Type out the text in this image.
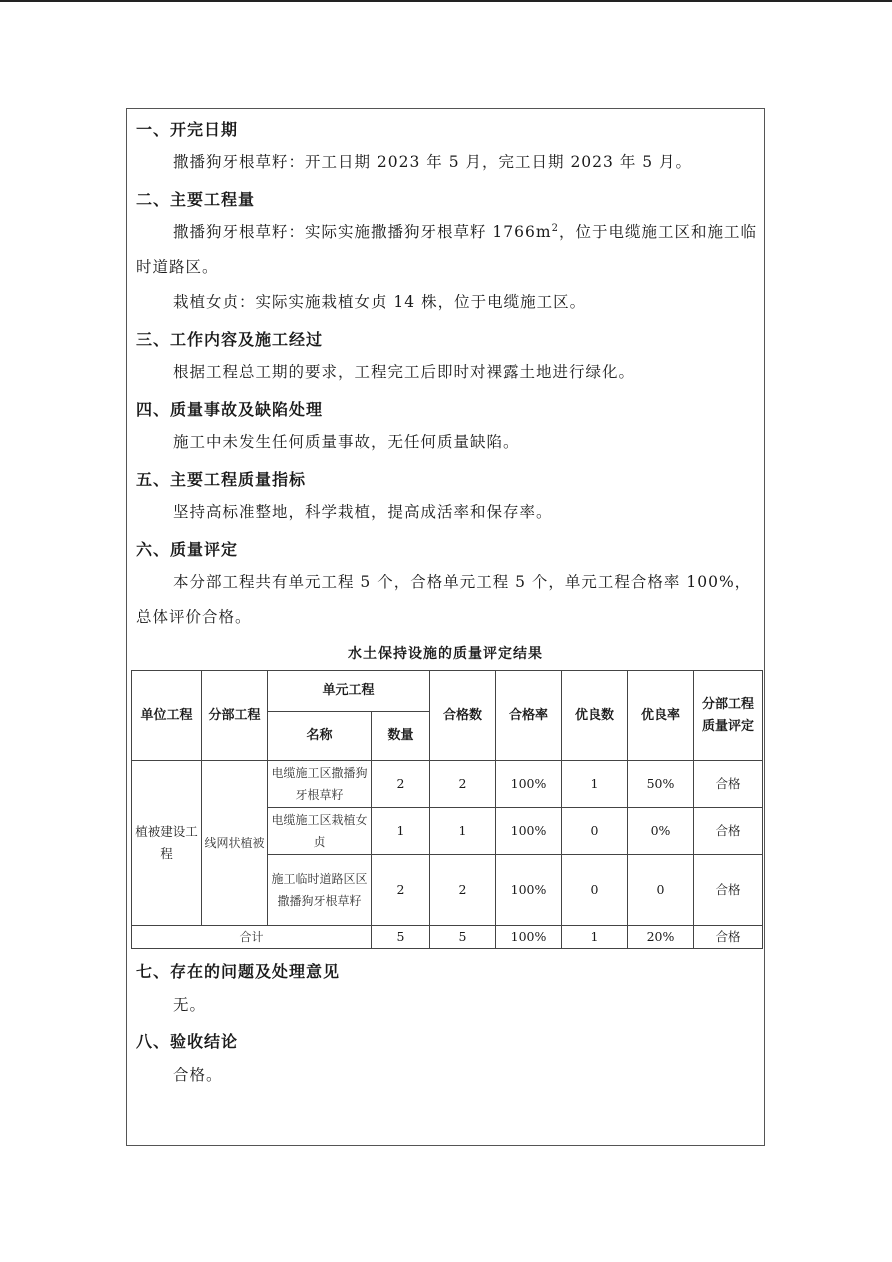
一、开完日期
撒播狗牙根草籽：开工日期 2023 年 5 月，完工日期 2023 年 5 月。
二、主要工程量
撒播狗牙根草籽：实际实施撒播狗牙根草籽 $1766m^2$，位于电缆施工区和施工临时道路区。
栽植女贞：实际实施栽植女贞 14 株，位于电缆施工区。
三、工作内容及施工经过
根据工程总工期的要求，工程完工后即时对裸露土地进行绿化。
四、质量事故及缺陷处理
施工中未发生任何质量事故，无任何质量缺陷。
五、主要工程质量指标
坚持高标准整地，科学栽植，提高成活率和保存率。
六、质量评定
本分部工程共有单元工程 5 个，合格单元工程 5 个，单元工程合格率 100%，总体评价合格。
水土保持设施的质量评定结果
单位工程	分部工程	单元工程		合格数	合格率	优良数	优良率	分部工程质量评定
		名称	数量					
植被建设工程	线网状植被	电缆施工区撒播狗牙根草籽	2	2	100%	1	50%	合格
		电缆施工区栽植女贞	1	1	100%	0	0%	合格
		施工临时道路区区撒播狗牙根草籽	2	2	100%	0	0	合格
合计			5	5	100%	1	20%	合格
七、存在的问题及处理意见
无。
八、验收结论
合格。
